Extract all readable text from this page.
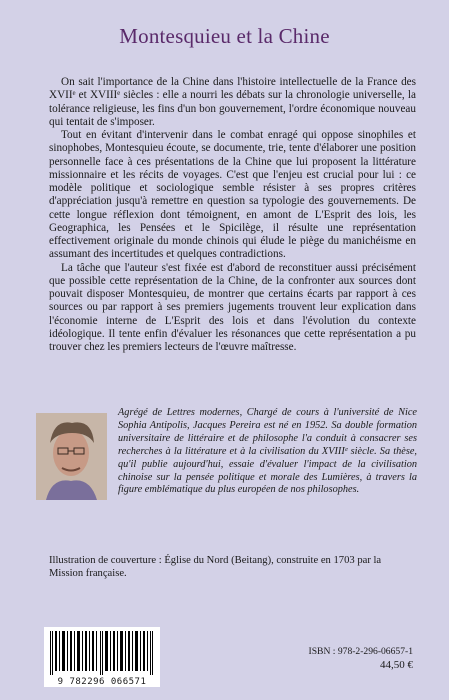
Montesquieu et la Chine

On sait l'importance de la Chine dans l'histoire intellectuelle de la France des XVIIᵉ et XVIIIᵉ siècles : elle a nourri les débats sur la chronologie universelle, la tolérance religieuse, les fins d'un bon gouvernement, l'ordre économique nouveau qui tentait de s'imposer.

Tout en évitant d'intervenir dans le combat enragé qui oppose sinophiles et sinophobes, Montesquieu écoute, se documente, trie, tente d'élaborer une position personnelle face à ces présentations de la Chine que lui proposent la littérature missionnaire et les récits de voyages. C'est que l'enjeu est crucial pour lui : ce modèle politique et sociologique semble résister à ses propres critères d'appréciation jusqu'à remettre en question sa typologie des gouvernements. De cette longue réflexion dont témoignent, en amont de L'Esprit des lois, les Geographica, les Pensées et le Spicilège, il résulte une représentation effectivement originale du monde chinois qui élude le piège du manichéisme en assumant des incertitudes et quelques contradictions.

La tâche que l'auteur s'est fixée est d'abord de reconstituer aussi précisément que possible cette représentation de la Chine, de la confronter aux sources dont pouvait disposer Montesquieu, de montrer que certains écarts par rapport à ces sources ou par rapport à ses premiers jugements trouvent leur explication dans l'économie interne de L'Esprit des lois et dans l'évolution du contexte idéologique. Il tente enfin d'évaluer les résonances que cette représentation a pu trouver chez les premiers lecteurs de l'œuvre maîtresse.

Agrégé de Lettres modernes, Chargé de cours à l'université de Nice Sophia Antipolis, Jacques Pereira est né en 1952. Sa double formation universitaire de littéraire et de philosophe l'a conduit à consacrer ses recherches à la littérature et à la civilisation du XVIIIᵉ siècle. Sa thèse, qu'il publie aujourd'hui, essaie d'évaluer l'impact de la civilisation chinoise sur la pensée politique et morale des Lumières, à travers la figure emblématique du plus européen de nos philosophes.
Illustration de couverture : Église du Nord (Beitang), construite en 1703 par la Mission française.
9 782296 066571
ISBN : 978-2-296-06657-1
44,50 €
